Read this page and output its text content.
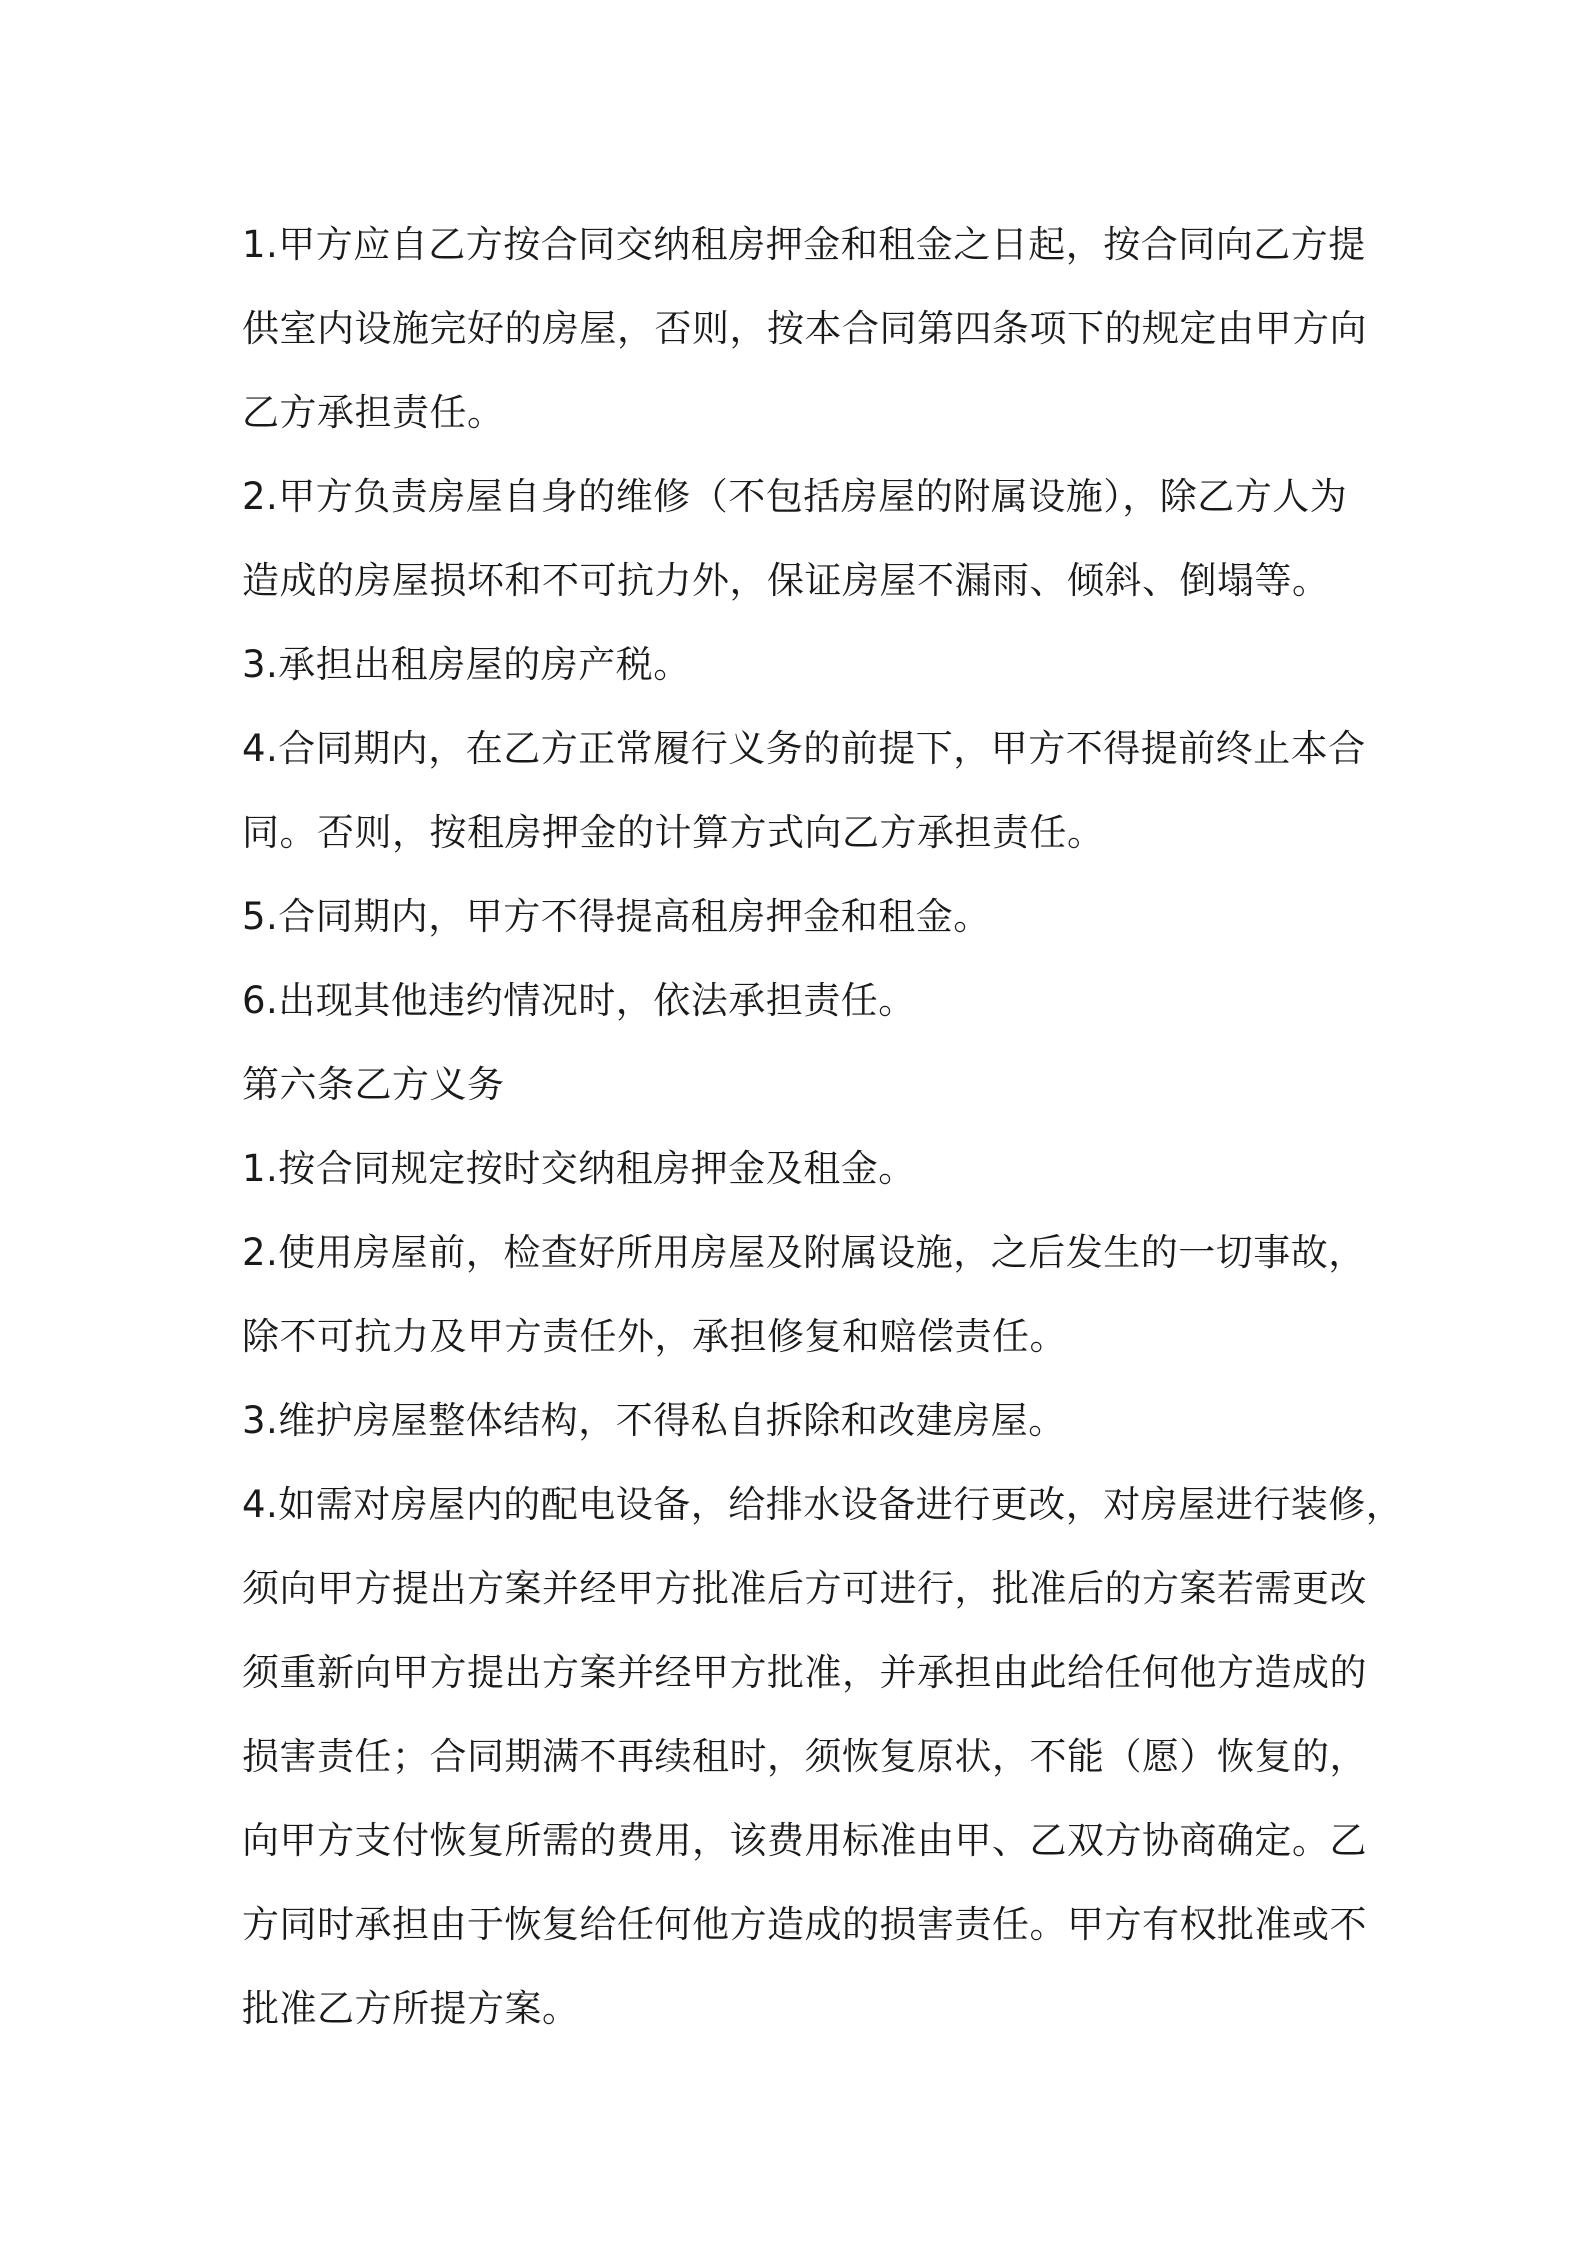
1.甲方应自乙方按合同交纳租房押金和租金之日起，按合同向乙方提
供室内设施完好的房屋，否则，按本合同第四条项下的规定由甲方向
乙方承担责任。
2.甲方负责房屋自身的维修（不包括房屋的附属设施），除乙方人为
造成的房屋损坏和不可抗力外，保证房屋不漏雨、倾斜、倒塌等。
3.承担出租房屋的房产税。
4.合同期内，在乙方正常履行义务的前提下，甲方不得提前终止本合
同。否则，按租房押金的计算方式向乙方承担责任。
5.合同期内，甲方不得提高租房押金和租金。
6.出现其他违约情况时，依法承担责任。
第六条乙方义务
1.按合同规定按时交纳租房押金及租金。
2.使用房屋前，检查好所用房屋及附属设施，之后发生的一切事故，
除不可抗力及甲方责任外，承担修复和赔偿责任。
3.维护房屋整体结构，不得私自拆除和改建房屋。
4.如需对房屋内的配电设备，给排水设备进行更改，对房屋进行装修，
须向甲方提出方案并经甲方批准后方可进行，批准后的方案若需更改
须重新向甲方提出方案并经甲方批准，并承担由此给任何他方造成的
损害责任；合同期满不再续租时，须恢复原状，不能（愿）恢复的，
向甲方支付恢复所需的费用，该费用标准由甲、乙双方协商确定。乙
方同时承担由于恢复给任何他方造成的损害责任。甲方有权批准或不
批准乙方所提方案。
